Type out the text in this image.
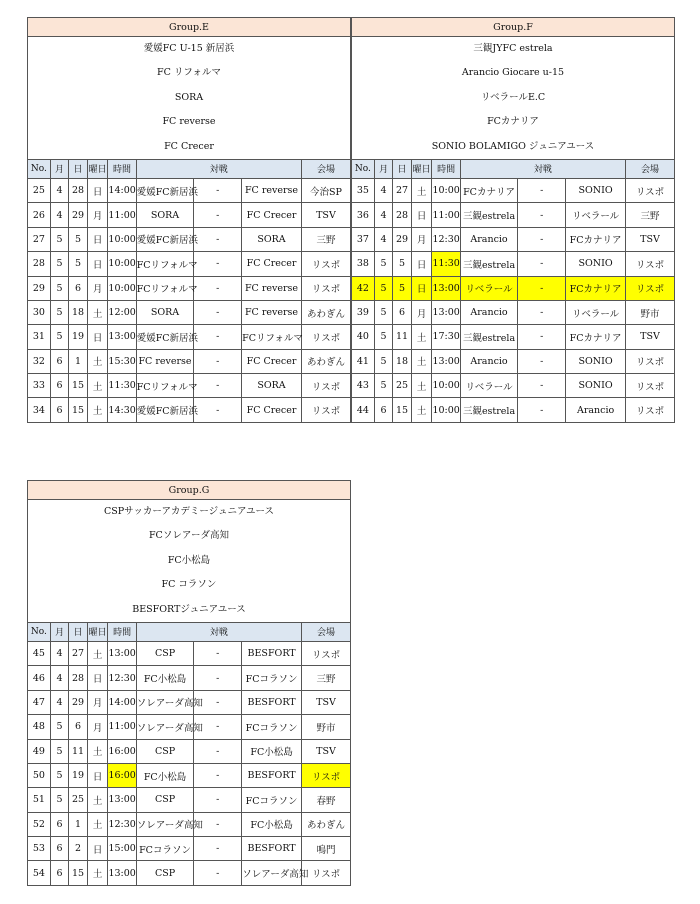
Group.E								

愛媛FC U-15 新居浜
FC リフォルマ
SORA
FC reverse
FC Crecer								

No.	月	日	曜日	時間	対戦			会場
25	4	28	日	14:00	愛媛FC新居浜	-	FC reverse	今治SP
26	4	29	月	11:00	SORA	-	FC Crecer	TSV
27	5	5	日	10:00	愛媛FC新居浜	-	SORA	三野
28	5	5	日	10:00	FCリフォルマ	-	FC Crecer	リスポ
29	5	6	月	10:00	FCリフォルマ	-	FC reverse	リスポ
30	5	18	土	12:00	SORA	-	FC reverse	あわぎん
31	5	19	日	13:00	愛媛FC新居浜	-	FCリフォルマ	リスポ
32	6	1	土	15:30	FC reverse	-	FC Crecer	あわぎん
33	6	15	土	11:30	FCリフォルマ	-	SORA	リスポ
34	6	15	土	14:30	愛媛FC新居浜	-	FC Crecer	リスポ
Group.F								

三観JYFC estrela
Arancio Giocare u-15
リベラールE.C
FCカナリア
SONIO BOLAMIGO ジュニアユース								

No.	月	日	曜日	時間	対戦			会場
35	4	27	土	10:00	FCカナリア	-	SONIO	リスポ
36	4	28	日	11:00	三観estrela	-	リベラール	三野
37	4	29	月	12:30	Arancio	-	FCカナリア	TSV
38	5	5	日	11:30	三観estrela	-	SONIO	リスポ
42	5	5	日	13:00	リベラール	-	FCカナリア	リスポ
39	5	6	月	13:00	Arancio	-	リベラール	野市
40	5	11	土	17:30	三観estrela	-	FCカナリア	TSV
41	5	18	土	13:00	Arancio	-	SONIO	リスポ
43	5	25	土	10:00	リベラール	-	SONIO	リスポ
44	6	15	土	10:00	三観estrela	-	Arancio	リスポ
Group.G								

CSPサッカーアカデミージュニアユース
FCソレアーダ高知
FC小松島
FC コラソン
BESFORTジュニアユース								

No.	月	日	曜日	時間	対戦			会場
45	4	27	土	13:00	CSP	-	BESFORT	リスポ
46	4	28	日	12:30	FC小松島	-	FCコラソン	三野
47	4	29	月	14:00	ソレアーダ高知	-	BESFORT	TSV
48	5	6	月	11:00	ソレアーダ高知	-	FCコラソン	野市
49	5	11	土	16:00	CSP	-	FC小松島	TSV
50	5	19	日	16:00	FC小松島	-	BESFORT	リスポ
51	5	25	土	13:00	CSP	-	FCコラソン	春野
52	6	1	土	12:30	ソレアーダ高知	-	FC小松島	あわぎん
53	6	2	日	15:00	FCコラソン	-	BESFORT	鳴門
54	6	15	土	13:00	CSP	-	ソレアーダ高知	リスポ
